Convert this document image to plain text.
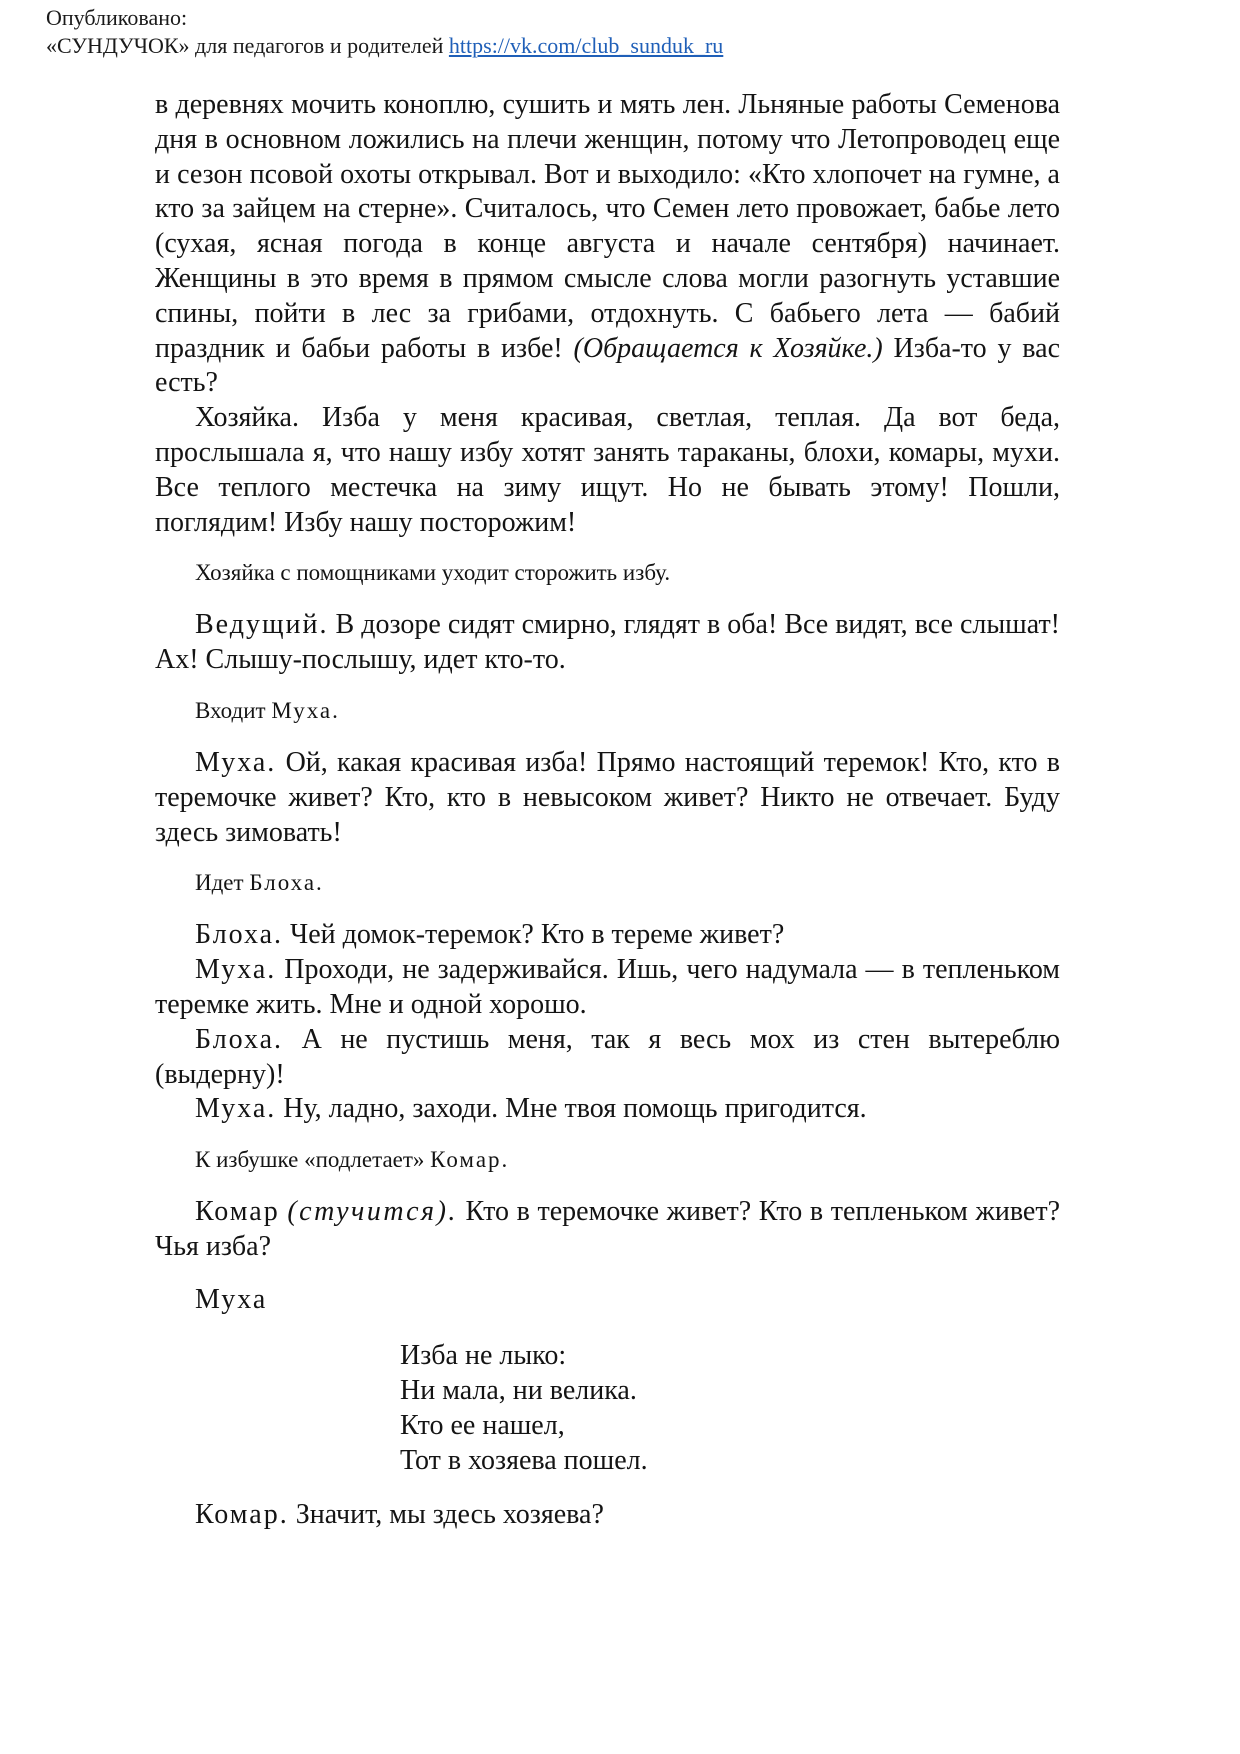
Опубликовано:
«СУНДУЧОК» для педагогов и родителей https://vk.com/club_sunduk_ru

в деревнях мочить коноплю, сушить и мять лен. Льняные работы Семенова дня в основном ложились на плечи женщин, потому что Летопроводец еще и сезон псовой охоты открывал. Вот и выходило: «Кто хлопочет на гумне, а кто за зайцем на стерне». Считалось, что Семен лето провожает, бабье лето (сухая, ясная погода в конце августа и начале сентября) начинает. Женщины в это время в прямом смысле слова могли разогнуть уставшие спины, пойти в лес за грибами, отдохнуть. С бабьего лета — бабий праздник и бабьи работы в избе! (Обращается к Хозяйке.) Изба-то у вас есть?

Хозяйка. Изба у меня красивая, светлая, теплая. Да вот беда, прослышала я, что нашу избу хотят занять тараканы, блохи, комары, мухи. Все теплого местечка на зиму ищут. Но не бывать этому! Пошли, поглядим! Избу нашу посторожим!

Хозяйка с помощниками уходит сторожить избу.

Ведущий. В дозоре сидят смирно, глядят в оба! Все видят, все слышат! Ах! Слышу-послышу, идет кто-то.

Входит Муха.

Муха. Ой, какая красивая изба! Прямо настоящий теремок! Кто, кто в теремочке живет? Кто, кто в невысоком живет? Никто не отвечает. Буду здесь зимовать!

Идет Блоха.

Блоха. Чей домок-теремок? Кто в тереме живет?

Муха. Проходи, не задерживайся. Ишь, чего надумала — в тепленьком теремке жить. Мне и одной хорошо.

Блоха. А не пустишь меня, так я весь мох из стен вытереблю (выдерну)!

Муха. Ну, ладно, заходи. Мне твоя помощь пригодится.

К избушке «подлетает» Комар.

Комар (стучится). Кто в теремочке живет? Кто в тепленьком живет? Чья изба?

Муха

Изба не лыко:
Ни мала, ни велика.
Кто ее нашел,
Тот в хозяева пошел.

Комар. Значит, мы здесь хозяева?
